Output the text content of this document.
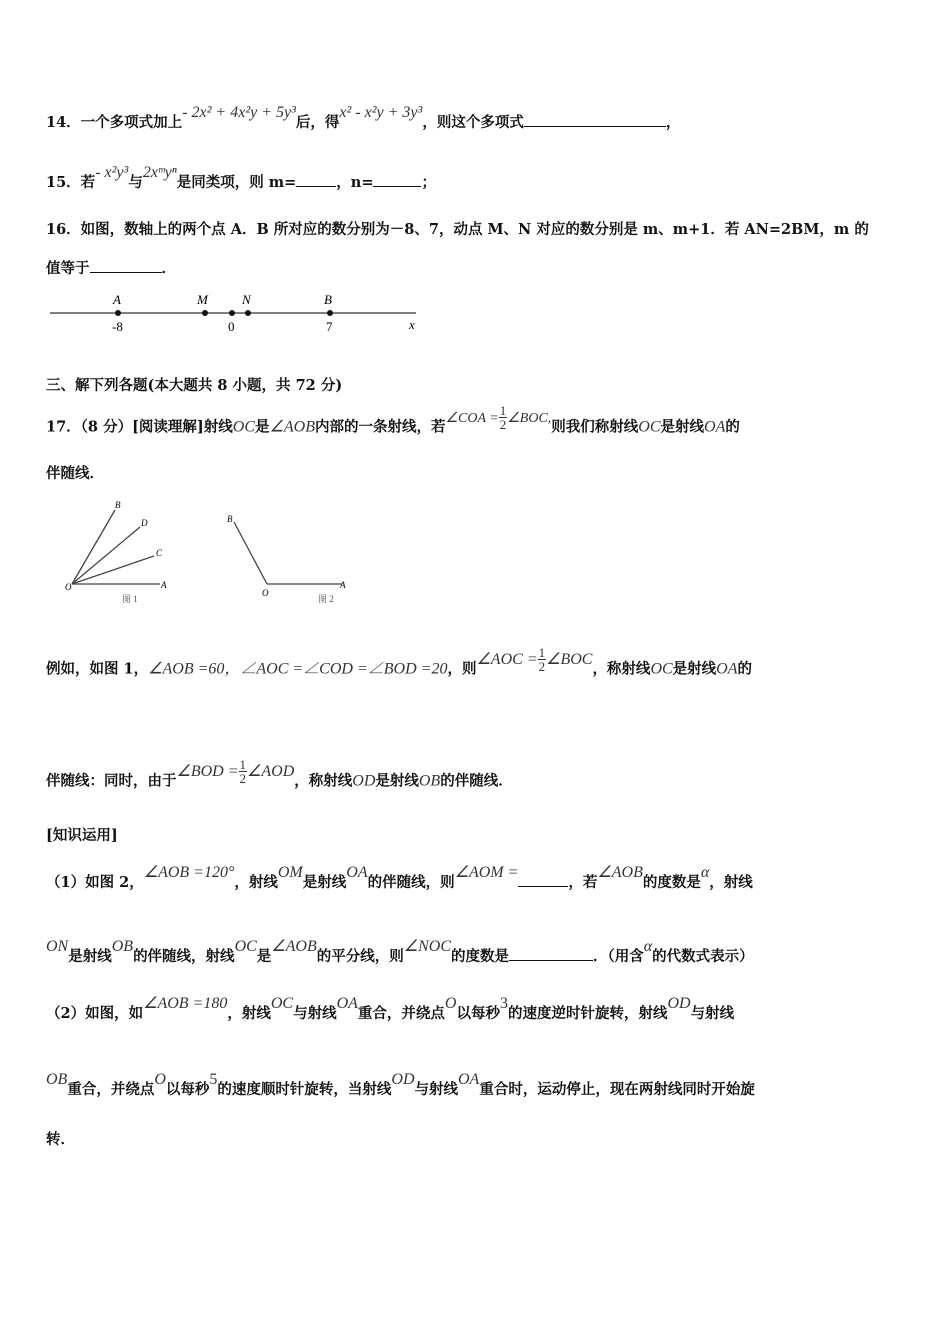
14．一个多项式加上- 2x² + 4x²y + 5y³后，得x² - x²y + 3y³，则这个多项式	，
15．若- x²y³与2xᵐyⁿ是同类项，则 m=	，n=	；
16．如图，数轴上的两个点 A．B 所对应的数分别为－8、7，动点 M、N 对应的数分别是 m、m+1．若 AN=2BM，m 的
值等于	．
A	M	N	B
-8	0	7	x
三、解下列各题(本大题共 8 小题，共 72 分)
17．（8 分）[阅读理解]射线OC是∠AOB内部的一条射线，若∠COA = $\frac{1}{2}$ ∠BOC,则我们称射线OC是射线OA的
伴随线．
B
D
C
O	A
图 1
B
O
A
图 2
例如，如图 1，∠AOB =60，∠AOC =∠COD =∠BOD =20，则∠AOC = $\frac{1}{2}$ ∠BOC，称射线OC是射线OA的
伴随线：同时，由于∠BOD = $\frac{1}{2}$ ∠AOD，称射线OD是射线OB的伴随线．
[知识运用]
（1）如图 2，∠AOB =120°，射线OM是射线OA的伴随线，则∠AOM =，若∠AOB的度数是α，射线
ON是射线OB的伴随线，射线OC是∠AOB的平分线，则∠NOC的度数是	．（用含α的代数式表示）
（2）如图，如∠AOB =180，射线OC与射线OA重合，并绕点O以每秒3的速度逆时针旋转，射线OD与射线
OB重合，并绕点O以每秒5的速度顺时针旋转，当射线OD与射线OA重合时，运动停止，现在两射线同时开始旋
转．
